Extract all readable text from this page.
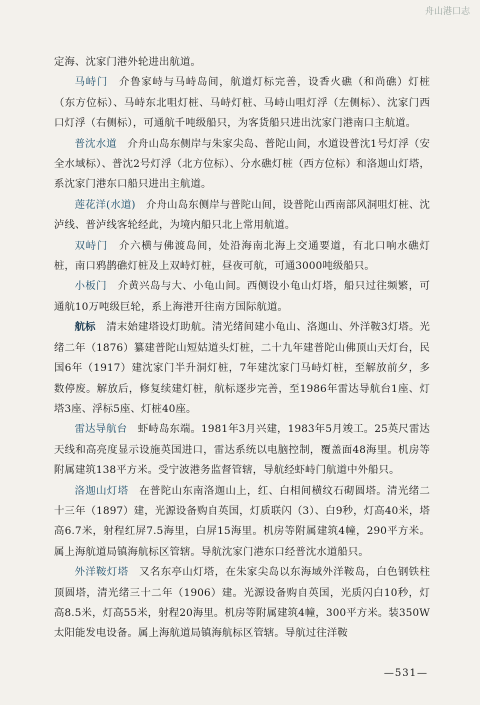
舟山港口志

定海、沈家门港外轮进出航道。

马峙门　 介鲁家峙与马峙岛间，航道灯标完善，设香火礁（和尚礁）灯桩（东方位标）、马峙东北咀灯桩、马峙灯桩、马峙山咀灯浮（左侧标）、沈家门西口灯浮（右侧标），可通航千吨级船只，为客货船只进出沈家门港南口主航道。

普沈水道　 介舟山岛东侧岸与朱家尖岛、普陀山间，水道设普沈1号灯浮（安全水域标）、普沈2号灯浮（北方位标）、分水礁灯桩（西方位标）和洛迦山灯塔，系沈家门港东口船只进出主航道。

莲花洋(水道)　 介舟山岛东侧岸与普陀山间，设普陀山西南部风洞咀灯桩、沈泸线、普泸线客轮经此，为境内船只北上常用航道。

双峙门　 介六横与佛渡岛间，处沿海南北海上交通要道，有北口响水礁灯桩，南口鸦鹊礁灯桩及上双峙灯桩，昼夜可航，可通3000吨级船只。

小板门　 介黄兴岛与大、小龟山间。西侧设小龟山灯塔，船只过往频繁，可通航10万吨级巨轮，系上海港开往南方国际航道。

航标　 清末始建塔设灯助航。清光绪间建小龟山、洛迦山、外洋鞍3灯塔。光绪二年（1876）纂建普陀山短姑道头灯桩，二十九年建普陀山佛顶山天灯台，民国6年（1917）建沈家门半升洞灯桩，7年建沈家门马峙灯桩，至解放前夕，多数停废。解放后，修复续建灯桩，航标逐步完善，至1986年雷达导航台1座、灯塔3座、浮标5座、灯桩40座。

雷达导航台　 虾峙岛东端。1981年3月兴建，1983年5月竣工。25英尺雷达天线和高亮度显示设施英国进口，雷达系统以电脑控制，覆盖面48海里。机房等附属建筑138平方米。受宁波港务监督管辖，导航经虾峙门航道中外船只。

洛迦山灯塔　 在普陀山东南洛迦山上，红、白相间横纹石砌圆塔。清光绪二十三年（1897）建，光源设备购自英国，灯质联闪（3）、白9秒，灯高40米，塔高6.7米，射程红屏7.5海里，白屏15海里。机房等附属建筑4幢，290平方米。属上海航道局镇海航标区管辖。导航沈家门港东口经普沈水道船只。

外洋鞍灯塔　 又名东亭山灯塔，在朱家尖岛以东海域外洋鞍岛，白色钢铁柱顶圆塔，清光绪三十二年（1906）建。光源设备购自英国，光质闪白10秒，灯高8.5米，灯高55米，射程20海里。机房等附属建筑4幢，300平方米。装350W太阳能发电设备。属上海航道局镇海航标区管辖。导航过往洋鞍

—531—
